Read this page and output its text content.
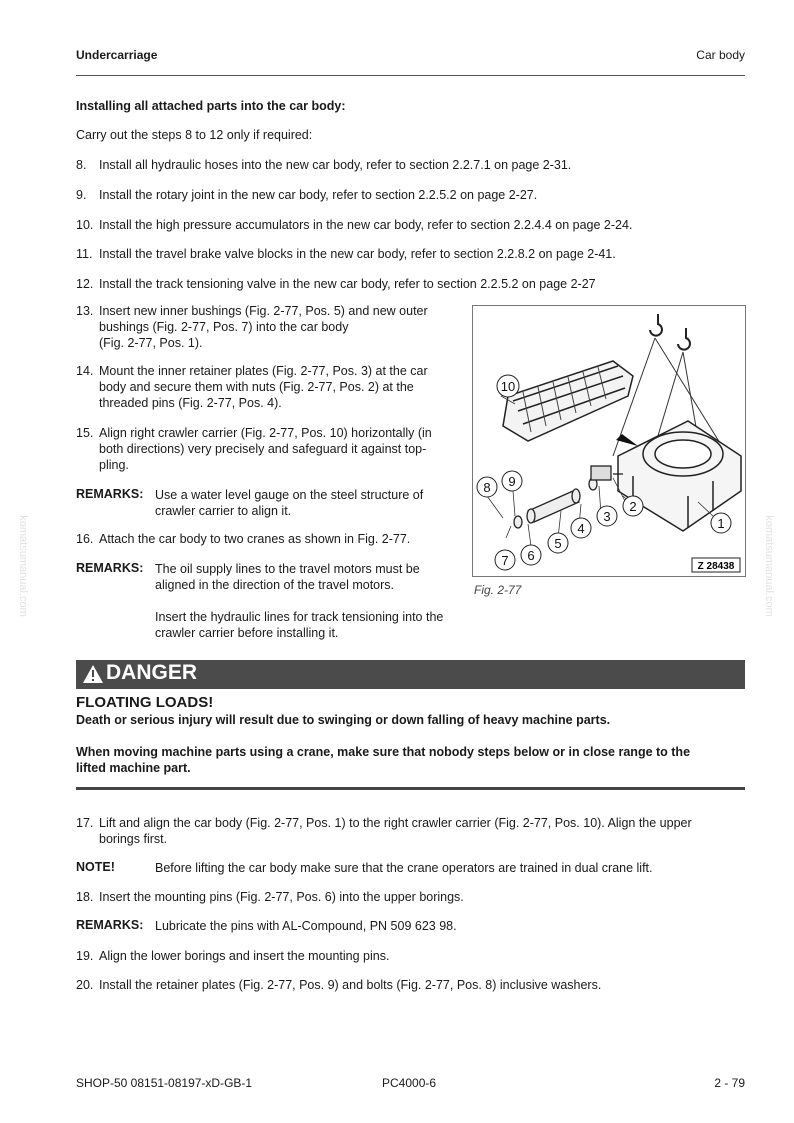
Undercarriage	Car body
Installing all attached parts into the car body:
Carry out the steps 8 to 12 only if required:
8. Install all hydraulic hoses into the new car body, refer to section 2.2.7.1 on page 2-31.
9. Install the rotary joint in the new car body, refer to section 2.2.5.2 on page 2-27.
10. Install the high pressure accumulators in the new car body, refer to section 2.2.4.4 on page 2-24.
11. Install the travel brake valve blocks in the new car body, refer to section 2.2.8.2 on page 2-41.
12. Install the track tensioning valve in the new car body, refer to section 2.2.5.2 on page 2-27
13. Insert new inner bushings (Fig. 2-77, Pos. 5) and new outer
bushings (Fig. 2-77, Pos. 7) into the car body
(Fig. 2-77, Pos. 1).
14. Mount the inner retainer plates (Fig. 2-77, Pos. 3) at the car
body and secure them with nuts (Fig. 2-77, Pos. 2) at the
threaded pins (Fig. 2-77, Pos. 4).
15. Align right crawler carrier (Fig. 2-77, Pos. 10) horizontally (in
both directions) very precisely and safeguard it against top-
pling.
REMARKS: Use a water level gauge on the steel structure of
crawler carrier to align it.
16. Attach the car body to two cranes as shown in Fig. 2-77.
REMARKS: The oil supply lines to the travel motors must be
aligned in the direction of the travel motors.
Insert the hydraulic lines for track tensioning into the
crawler carrier before installing it.
10
1
2
3
4
5
6
7
8 9
Z 28438
Fig. 2-77
DANGER
FLOATING LOADS!
Death or serious injury will result due to swinging or down falling of heavy machine parts.
When moving machine parts using a crane, make sure that nobody steps below or in close range to the
lifted machine part.
17. Lift and align the car body (Fig. 2-77, Pos. 1) to the right crawler carrier (Fig. 2-77, Pos. 10). Align the upper
borings first.
NOTE!	Before lifting the car body make sure that the crane operators are trained in dual crane lift.
18. Insert the mounting pins (Fig. 2-77, Pos. 6) into the upper borings.
REMARKS: Lubricate the pins with AL-Compound, PN 509 623 98.
19. Align the lower borings and insert the mounting pins.
20. Install the retainer plates (Fig. 2-77, Pos. 9) and bolts (Fig. 2-77, Pos. 8) inclusive washers.
SHOP-50 08151-08197-xD-GB-1	PC4000-6	2 - 79
komatsumanual.com	komatsumanual.com
